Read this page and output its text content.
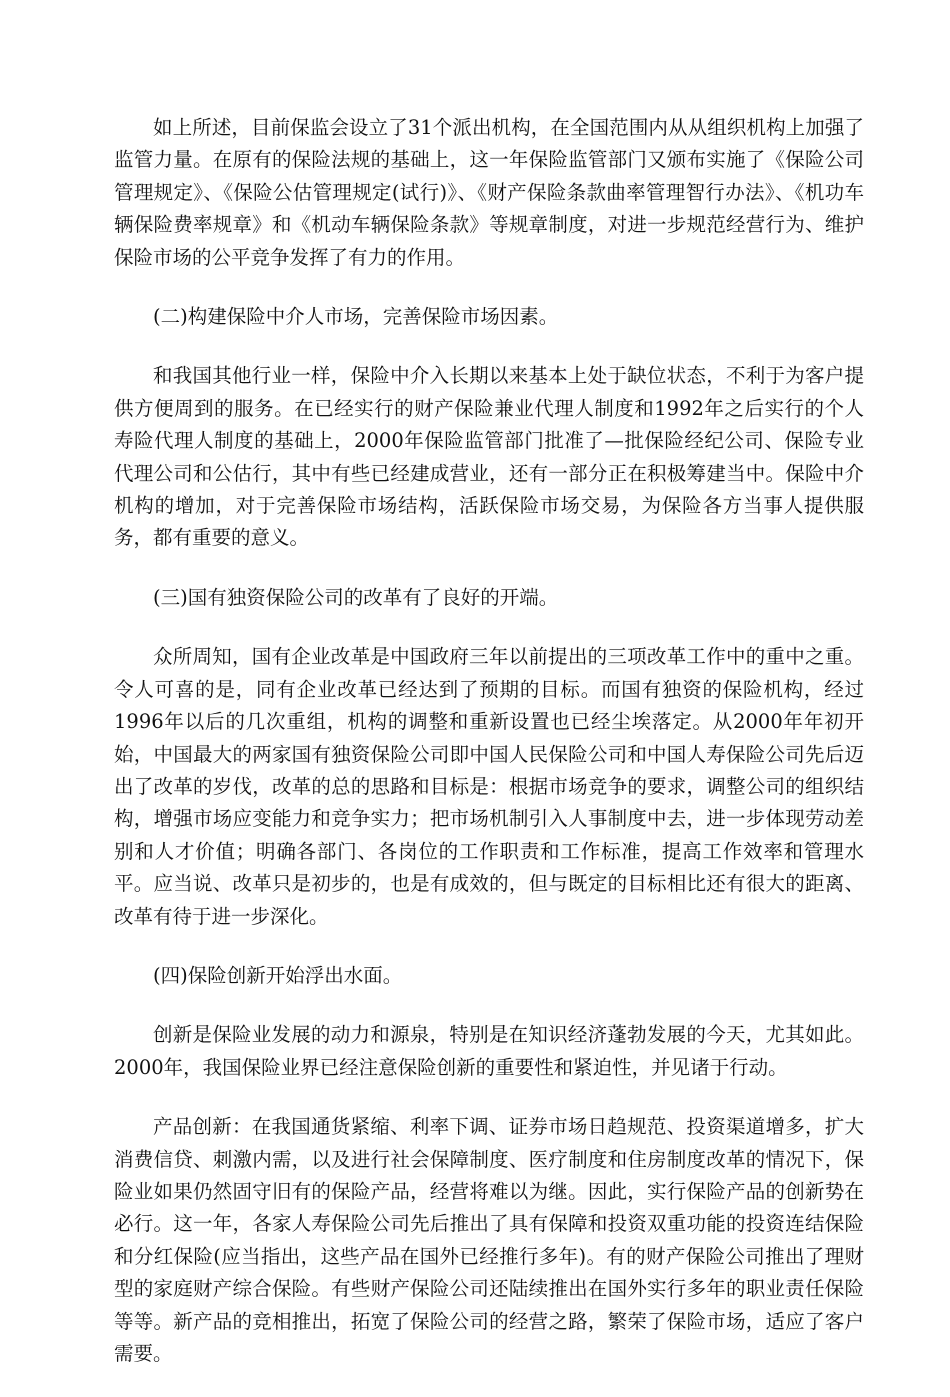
如上所述，目前保监会设立了31个派出机构，在全国范围内从从组织机构上加强了监管力量。在原有的保险法规的基础上，这一年保险监管部门又颁布实施了《保险公司管理规定》、《保险公估管理规定(试行)》、《财产保险条款曲率管理智行办法》、《机功车辆保险费率规章》和《机动车辆保险条款》等规章制度，对进一步规范经营行为、维护保险市场的公平竞争发挥了有力的作用。

(二)构建保险中介人市场，完善保险市场因素。

和我国其他行业一样，保险中介入长期以来基本上处于缺位状态，不利于为客户提供方便周到的服务。在已经实行的财产保险兼业代理人制度和1992年之后实行的个人寿险代理人制度的基础上，2000年保险监管部门批准了—批保险经纪公司、保险专业代理公司和公估行，其中有些已经建成营业，还有一部分正在积极筹建当中。保险中介机构的增加，对于完善保险市场结构，活跃保险市场交易，为保险各方当事人提供服务，都有重要的意义。

(三)国有独资保险公司的改革有了良好的开端。

众所周知，国有企业改革是中国政府三年以前提出的三项改革工作中的重中之重。令人可喜的是，同有企业改革已经达到了预期的目标。而国有独资的保险机构，经过1996年以后的几次重组，机构的调整和重新设置也已经尘埃落定。从2000年年初开始，中国最大的两家国有独资保险公司即中国人民保险公司和中国人寿保险公司先后迈出了改革的岁伐，改革的总的思路和目标是：根据市场竞争的要求，调整公司的组织结构，增强市场应变能力和竞争实力；把市场机制引入人事制度中去，进一步体现劳动差别和人才价值；明确各部门、各岗位的工作职责和工作标准，提高工作效率和管理水平。应当说、改革只是初步的，也是有成效的，但与既定的目标相比还有很大的距离、改革有待于进一步深化。

(四)保险创新开始浮出水面。

创新是保险业发展的动力和源泉，特别是在知识经济蓬勃发展的今天，尤其如此。2000年，我国保险业界已经注意保险创新的重要性和紧迫性，并见诸于行动。

产品创新：在我国通货紧缩、利率下调、证券市场日趋规范、投资渠道增多，扩大消费信贷、刺激内需，以及进行社会保障制度、医疗制度和住房制度改革的情况下，保险业如果仍然固守旧有的保险产品，经营将难以为继。因此，实行保险产品的创新势在必行。这一年，各家人寿保险公司先后推出了具有保障和投资双重功能的投资连结保险和分红保险(应当指出，这些产品在国外已经推行多年)。有的财产保险公司推出了理财型的家庭财产综合保险。有些财产保险公司还陆续推出在国外实行多年的职业责任保险等等。新产品的竞相推出，拓宽了保险公司的经营之路，繁荣了保险市场，适应了客户需要。
